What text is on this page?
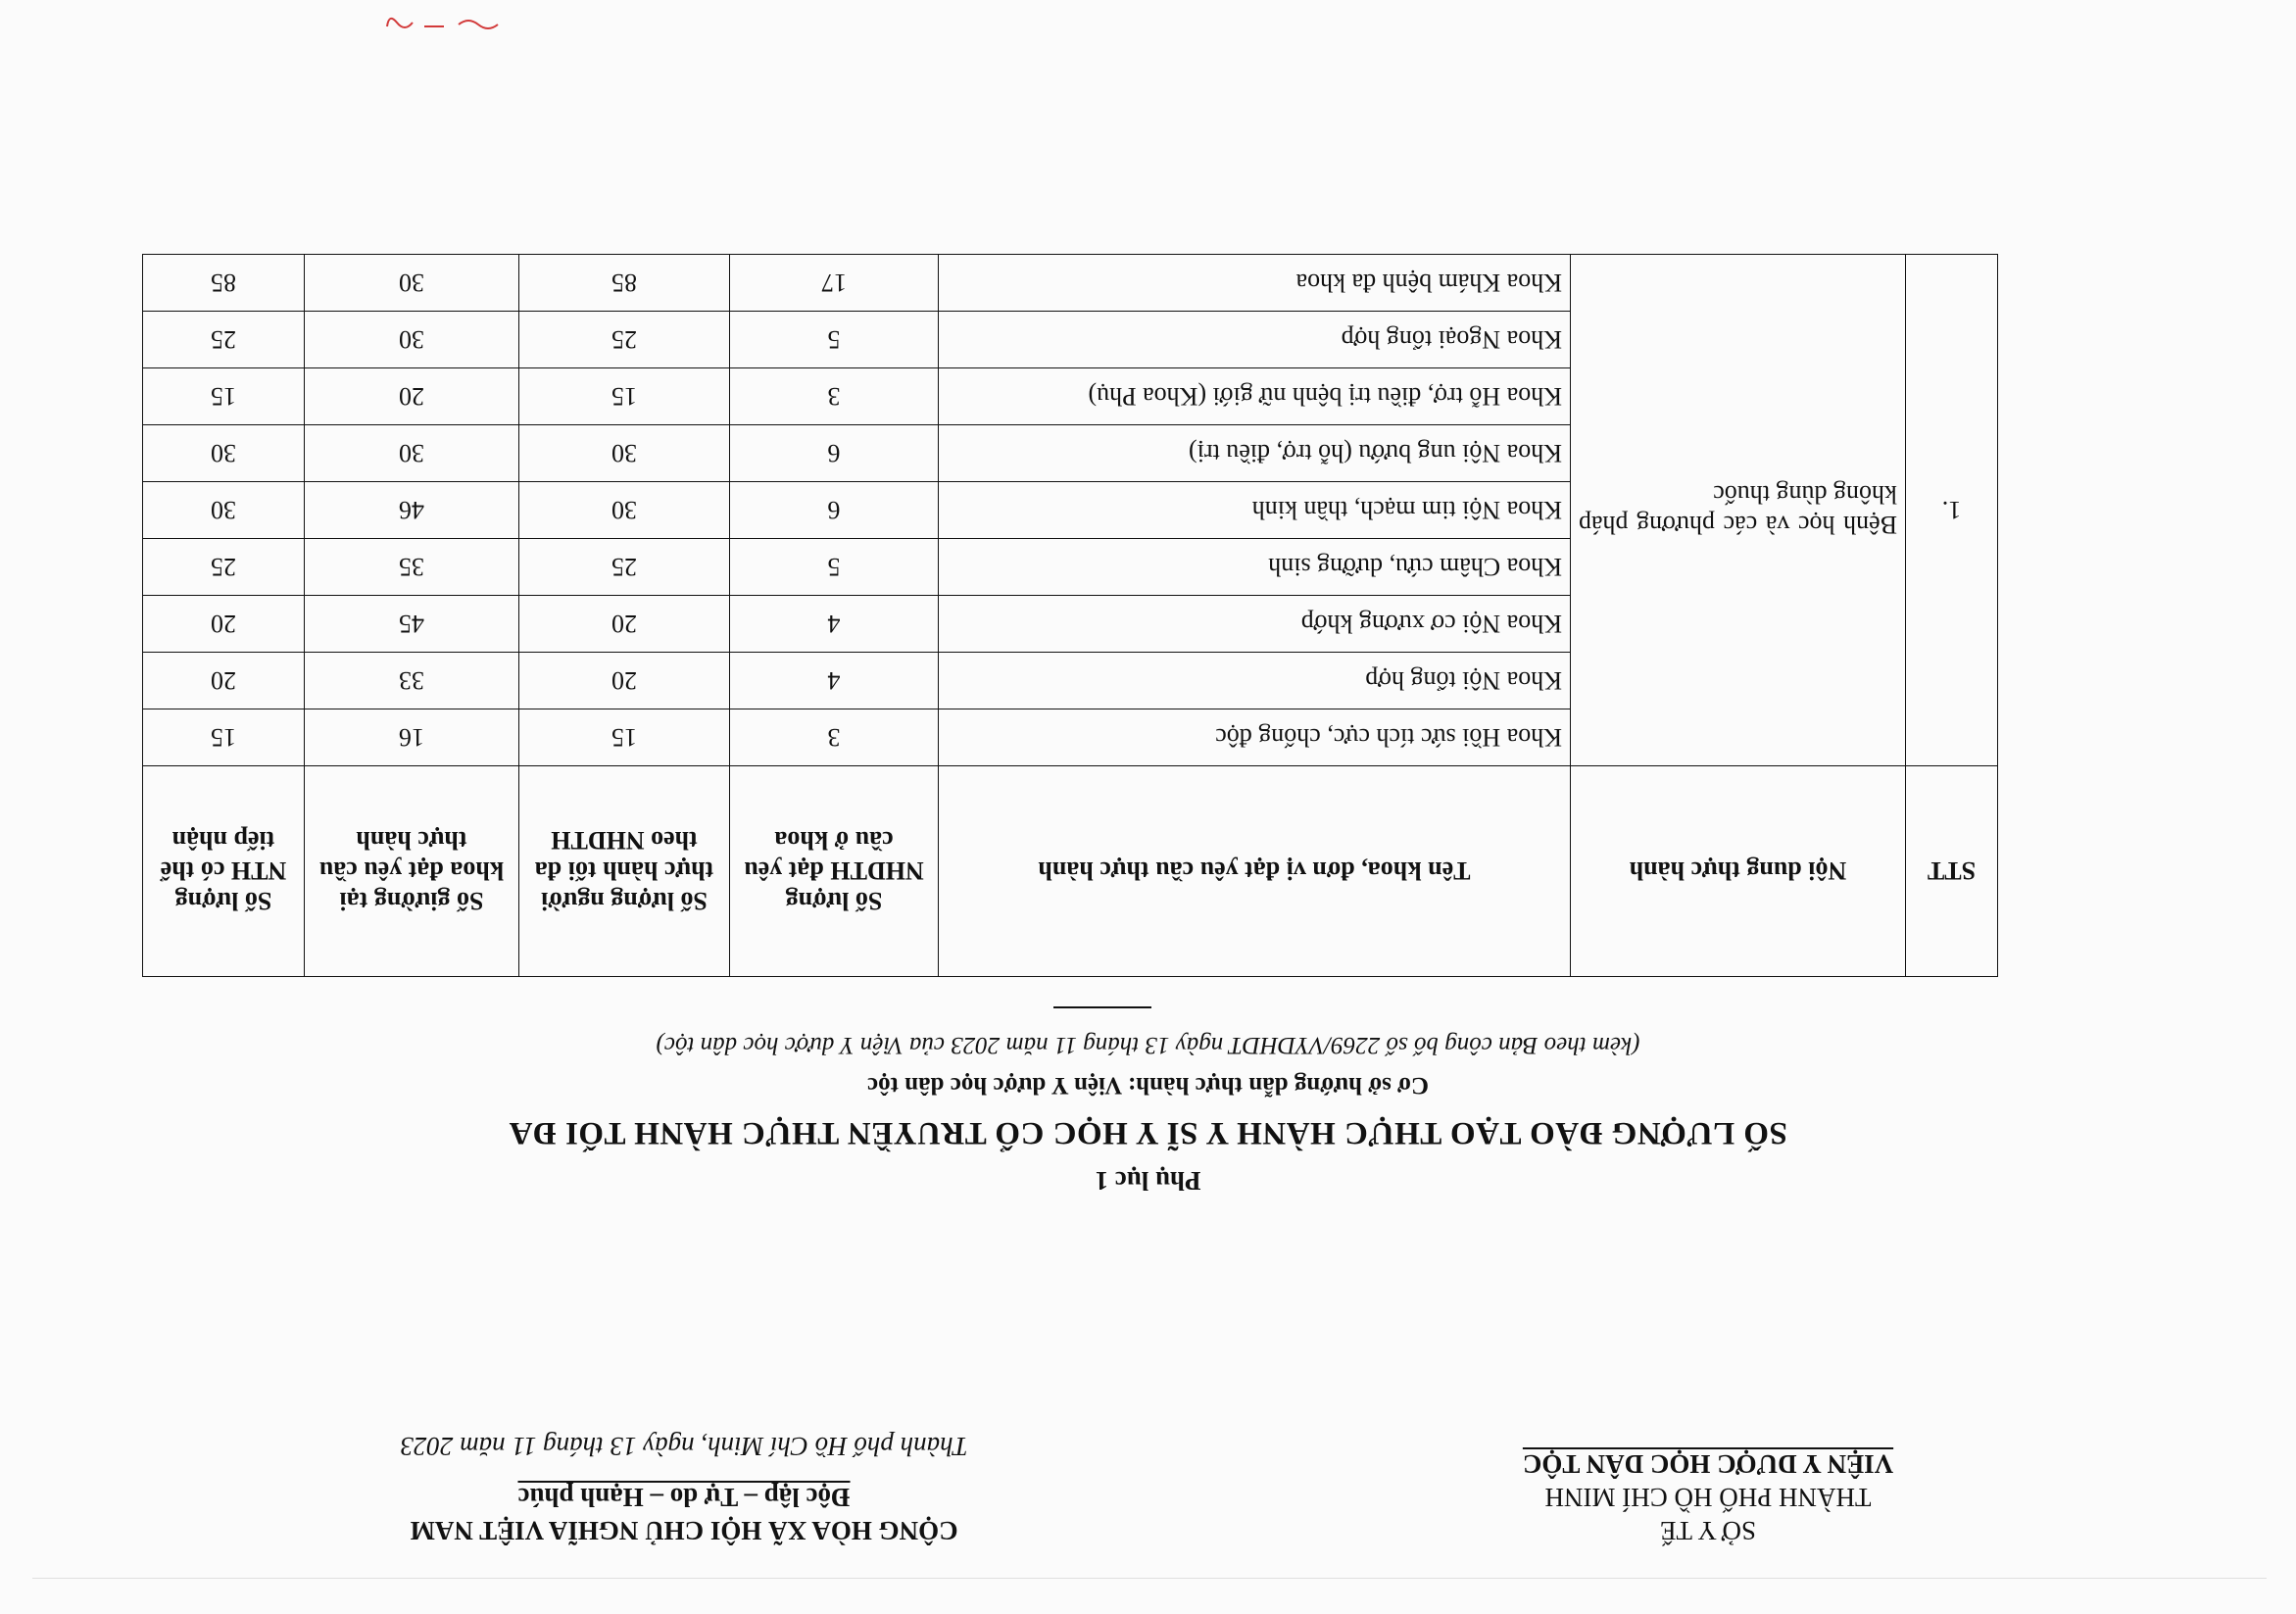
SỞ Y TẾ
THÀNH PHỐ HỒ CHÍ MINH
VIỆN Y DƯỢC HỌC DÂN TỘC
CỘNG HÒA XÃ HỘI CHỦ NGHĨA VIỆT NAM
Độc lập – Tự do – Hạnh phúc
Thành phố Hồ Chí Minh, ngày 13 tháng 11 năm 2023
Phụ lục 1
SỐ LƯỢNG ĐÀO TẠO THỰC HÀNH Y SĨ Y HỌC CỔ TRUYỀN THỰC HÀNH TỐI ĐA
Cơ sở hướng dẫn thực hành: Viện Y dược học dân tộc
(kèm theo Bản công bố số 2269/VYDHDT ngày 13 tháng 11 năm 2023 của Viện Y dược học dân tộc)
STT	Nội dung thực hành	Tên khoa, đơn vị đạt yêu cầu thực hành	Số lượng NHDTH đạt yêu cầu ở khoa	Số lượng người thực hành tối đa theo NHDTH	Số giường tại khoa đạt yêu cầu thực hành	Số lượng NTH có thể tiếp nhận
1.	Bệnh học và các phương pháp không dùng thuốc	Khoa Hồi sức tích cực, chống độc	3	15	16	15
		Khoa Nội tổng hợp	4	20	33	20
		Khoa Nội cơ xương khớp	4	20	45	20
		Khoa Châm cứu, dưỡng sinh	5	25	35	25
		Khoa Nội tim mạch, thần kinh	6	30	46	30
		Khoa Nội ung bướu (hỗ trợ, điều trị)	6	30	30	30
		Khoa Hỗ trợ, điều trị bệnh nữ giới (Khoa Phụ)	3	15	20	15
		Khoa Ngoại tổng hợp	5	25	30	25
		Khoa Khám bệnh đa khoa	17	85	30	85
